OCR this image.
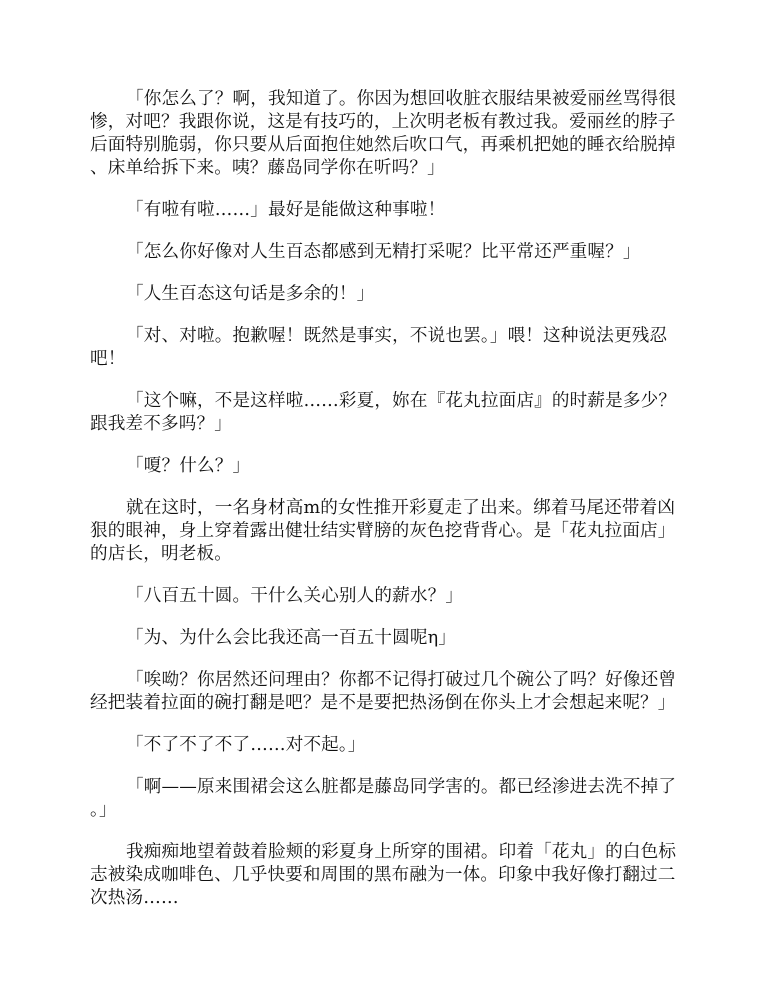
「你怎么了？啊，我知道了。你因为想回收脏衣服结果被爱丽丝骂得很惨，对吧？我跟你说，这是有技巧的，上次明老板有教过我。爱丽丝的脖子后面特别脆弱，你只要从后面抱住她然后吹口气，再乘机把她的睡衣给脱掉、床单给拆下来。咦？藤岛同学你在听吗？」

「有啦有啦……」最好是能做这种事啦！

「怎么你好像对人生百态都感到无精打采呢？比平常还严重喔？」

「人生百态这句话是多余的！」

「对、对啦。抱歉喔！既然是事实，不说也罢。」喂！这种说法更残忍吧！

「这个嘛，不是这样啦……彩夏，妳在『花丸拉面店』的时薪是多少？跟我差不多吗？」

「嗄？什么？」

就在这时，一名身材高m的女性推开彩夏走了出来。绑着马尾还带着凶狠的眼神，身上穿着露出健壮结实臂膀的灰色挖背背心。是「花丸拉面店」的店长，明老板。

「八百五十圆。干什么关心别人的薪水？」

「为、为什么会比我还高一百五十圆呢η」

「唉呦？你居然还问理由？你都不记得打破过几个碗公了吗？好像还曾经把装着拉面的碗打翻是吧？是不是要把热汤倒在你头上才会想起来呢？」

「不了不了不了……对不起。」

「啊——原来围裙会这么脏都是藤岛同学害的。都已经渗进去洗不掉了。」

我痴痴地望着鼓着脸颊的彩夏身上所穿的围裙。印着「花丸」的白色标志被染成咖啡色、几乎快要和周围的黑布融为一体。印象中我好像打翻过二次热汤……
